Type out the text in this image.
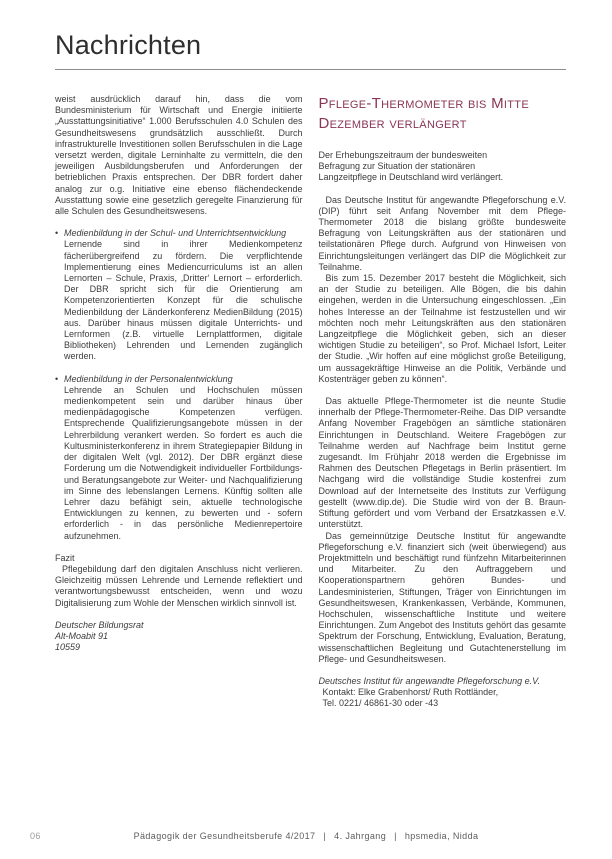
Nachrichten

weist ausdrücklich darauf hin, dass die vom Bundesministerium für Wirtschaft und Energie initiierte „Ausstattungsinitiative“ 1.000 Berufsschulen 4.0 Schulen des Gesundheitswesens grundsätzlich ausschließt. Durch infrastrukturelle Investitionen sollen Berufsschulen in die Lage versetzt werden, digitale Lerninhalte zu vermitteln, die den jeweiligen Ausbildungsberufen und Anforderungen der betrieblichen Praxis entsprechen. Der DBR fordert daher analog zur o.g. Initiative eine ebenso flächendeckende Ausstattung sowie eine gesetzlich geregelte Finanzierung für alle Schulen des Gesundheitswesens.

• Medienbildung in der Schul- und Unterrichtsentwicklung
Lernende sind in ihrer Medienkompetenz fächerübergreifend zu fördern. Die verpflichtende Implementierung eines Mediencurriculums ist an allen Lernorten – Schule, Praxis, ‚Dritter‘ Lernort – erforderlich. Der DBR spricht sich für die Orientierung am Kompetenzorientierten Konzept für die schulische Medienbildung der Länderkonferenz MedienBildung (2015) aus. Darüber hinaus müssen digitale Unterrichts- und Lernformen (z.B. virtuelle Lernplattformen, digitale Bibliotheken) Lehrenden und Lernenden zugänglich werden.
• Medienbildung in der Personalentwicklung
Lehrende an Schulen und Hochschulen müssen medienkompetent sein und darüber hinaus über medienpädagogische Kompetenzen verfügen. Entsprechende Qualifizierungsangebote müssen in der Lehrerbildung verankert werden. So fordert es auch die Kultusministerkonferenz in ihrem Strategiepapier Bildung in der digitalen Welt (vgl. 2012). Der DBR ergänzt diese Forderung um die Notwendigkeit individueller Fortbildungs- und Beratungsangebote zur Weiter- und Nachqualifizierung im Sinne des lebenslangen Lernens. Künftig sollten alle Lehrer dazu befähigt sein, aktuelle technologische Entwicklungen zu kennen, zu bewerten und - sofern erforderlich - in das persönliche Medienrepertoire aufzunehmen.
Fazit

Pflegebildung darf den digitalen Anschluss nicht verlieren. Gleichzeitig müssen Lehrende und Lernende reflektiert und verantwortungsbewusst entscheiden, wenn und wozu Digitalisierung zum Wohle der Menschen wirklich sinnvoll ist.

Deutscher Bildungsrat
Alt-Moabit 91
10559
Pflege-Thermometer bis Mitte Dezember verlängert
Der Erhebungszeitraum der bundesweiten
Befragung zur Situation der stationären
Langzeitpflege in Deutschland wird verlängert.

Das Deutsche Institut für angewandte Pflegeforschung e.V. (DIP) führt seit Anfang November mit dem Pflege-Thermometer 2018 die bislang größte bundesweite Befragung von Leitungskräften aus der stationären und teilstationären Pflege durch. Aufgrund von Hinweisen von Einrichtungsleitungen verlängert das DIP die Möglichkeit zur Teilnahme.

Bis zum 15. Dezember 2017 besteht die Möglichkeit, sich an der Studie zu beteiligen. Alle Bögen, die bis dahin eingehen, werden in die Untersuchung eingeschlossen. „Ein hohes Interesse an der Teilnahme ist festzustellen und wir möchten noch mehr Leitungskräften aus den stationären Langzeitpflege die Möglichkeit geben, sich an dieser wichtigen Studie zu beteiligen“, so Prof. Michael Isfort, Leiter der Studie. „Wir hoffen auf eine möglichst große Beteiligung, um aussagekräftige Hinweise an die Politik, Verbände und Kostenträger geben zu können“.

Das aktuelle Pflege-Thermometer ist die neunte Studie innerhalb der Pflege-Thermometer-Reihe. Das DIP versandte Anfang November Fragebögen an sämtliche stationären Einrichtungen in Deutschland. Weitere Fragebögen zur Teilnahme werden auf Nachfrage beim Institut gerne zugesandt. Im Frühjahr 2018 werden die Ergebnisse im Rahmen des Deutschen Pflegetags in Berlin präsentiert. Im Nachgang wird die vollständige Studie kostenfrei zum Download auf der Internetseite des Instituts zur Verfügung gestellt (www.dip.de). Die Studie wird von der B. Braun-Stiftung gefördert und vom Verband der Ersatzkassen e.V. unterstützt.

Das gemeinnützige Deutsche Institut für angewandte Pflegeforschung e.V. finanziert sich (weit überwiegend) aus Projektmitteln und beschäftigt rund fünfzehn Mitarbeiterinnen und Mitarbeiter. Zu den Auftraggebern und Kooperationspartnern gehören Bundes- und Landesministerien, Stiftungen, Träger von Einrichtungen im Gesundheitswesen, Krankenkassen, Verbände, Kommunen, Hochschulen, wissenschaftliche Institute und weitere Einrichtungen. Zum Angebot des Instituts gehört das gesamte Spektrum der Forschung, Entwicklung, Evaluation, Beratung, wissenschaftlichen Begleitung und Gutachtenerstellung im Pflege- und Gesundheitswesen.

Deutsches Institut für angewandte Pflegeforschung e.V.
Kontakt: Elke Grabenhorst/ Ruth Rottländer,
Tel. 0221/ 46861-30 oder -43
06	Pädagogik der Gesundheitsberufe 4/2017 | 4. Jahrgang | hpsmedia, Nidda
